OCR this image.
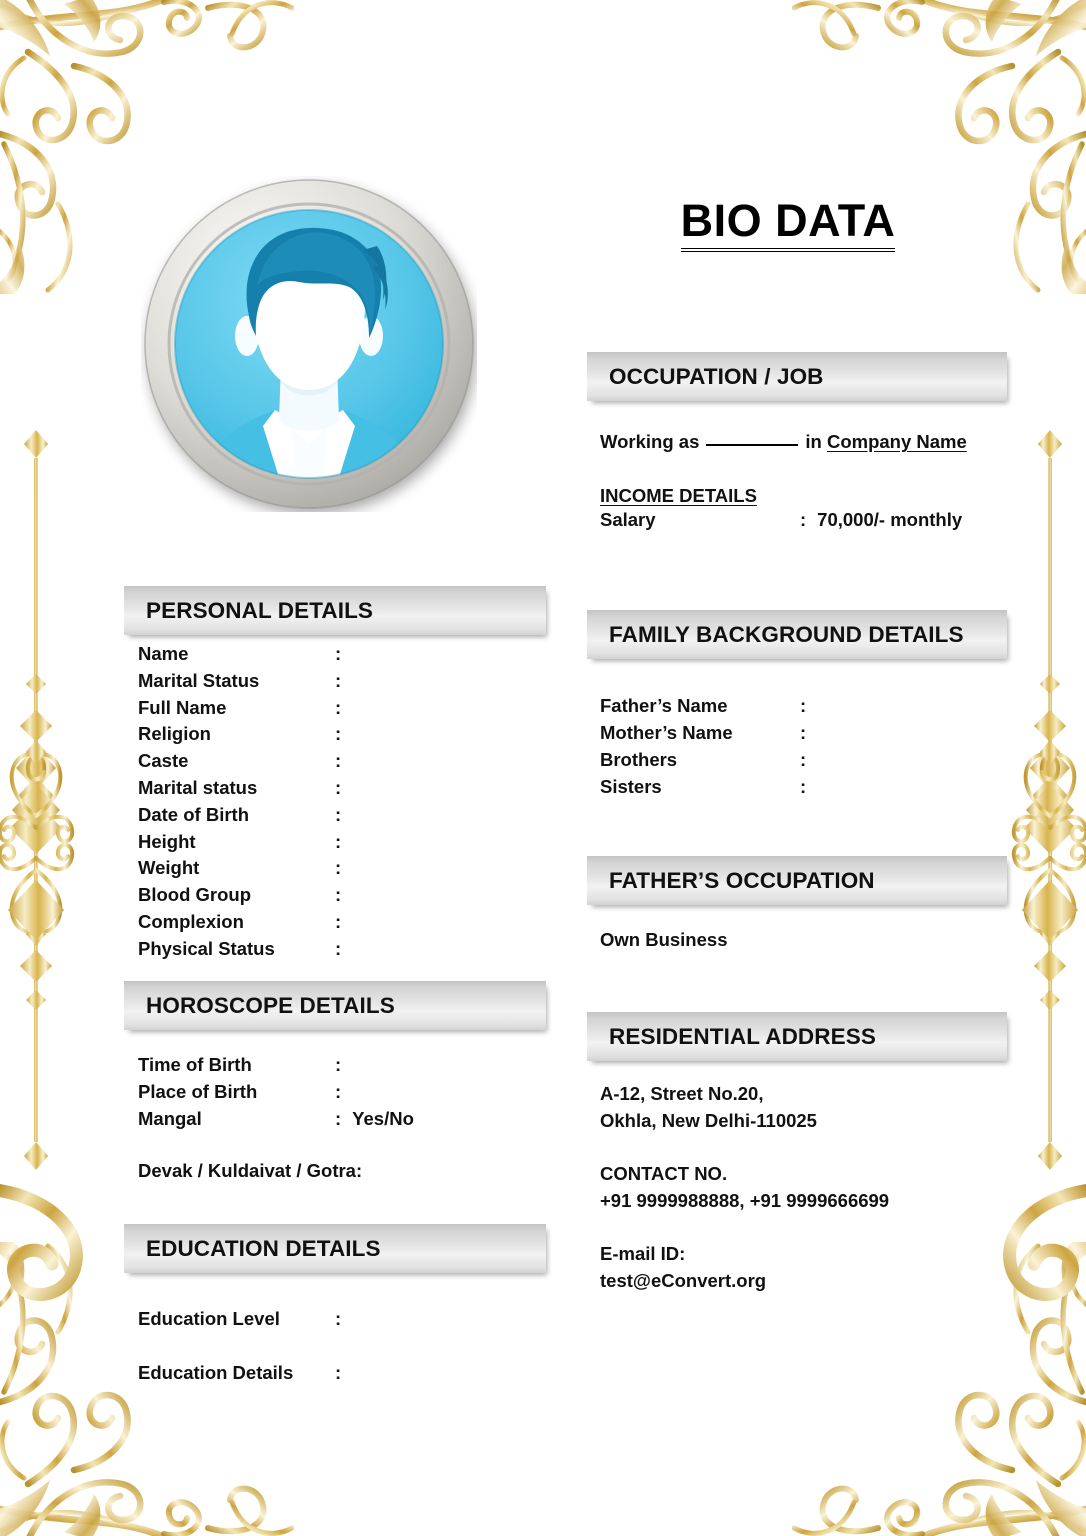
BIO DATA
OCCUPATION / JOB
Working as	in Company Name
INCOME DETAILS
Salary	: 70,000/- monthly
FAMILY BACKGROUND DETAILS
Father’s Name	:
Mother’s Name	:
Brothers	:
Sisters	:
FATHER’S OCCUPATION
Own Business
RESIDENTIAL ADDRESS
A-12, Street No.20,
Okhla, New Delhi-110025
CONTACT NO.
+91 9999988888, +91 9999666699
E-mail ID:
test@eConvert.org
PERSONAL DETAILS
Name	:
Marital Status	:
Full Name	:
Religion	:
Caste	:
Marital status	:
Date of Birth	:
Height	:
Weight	:
Blood Group	:
Complexion	:
Physical Status	:
HOROSCOPE DETAILS
Time of Birth	:
Place of Birth	:
Mangal	: Yes/No
Devak / Kuldaivat / Gotra:
EDUCATION DETAILS
Education Level	:
Education Details	:
